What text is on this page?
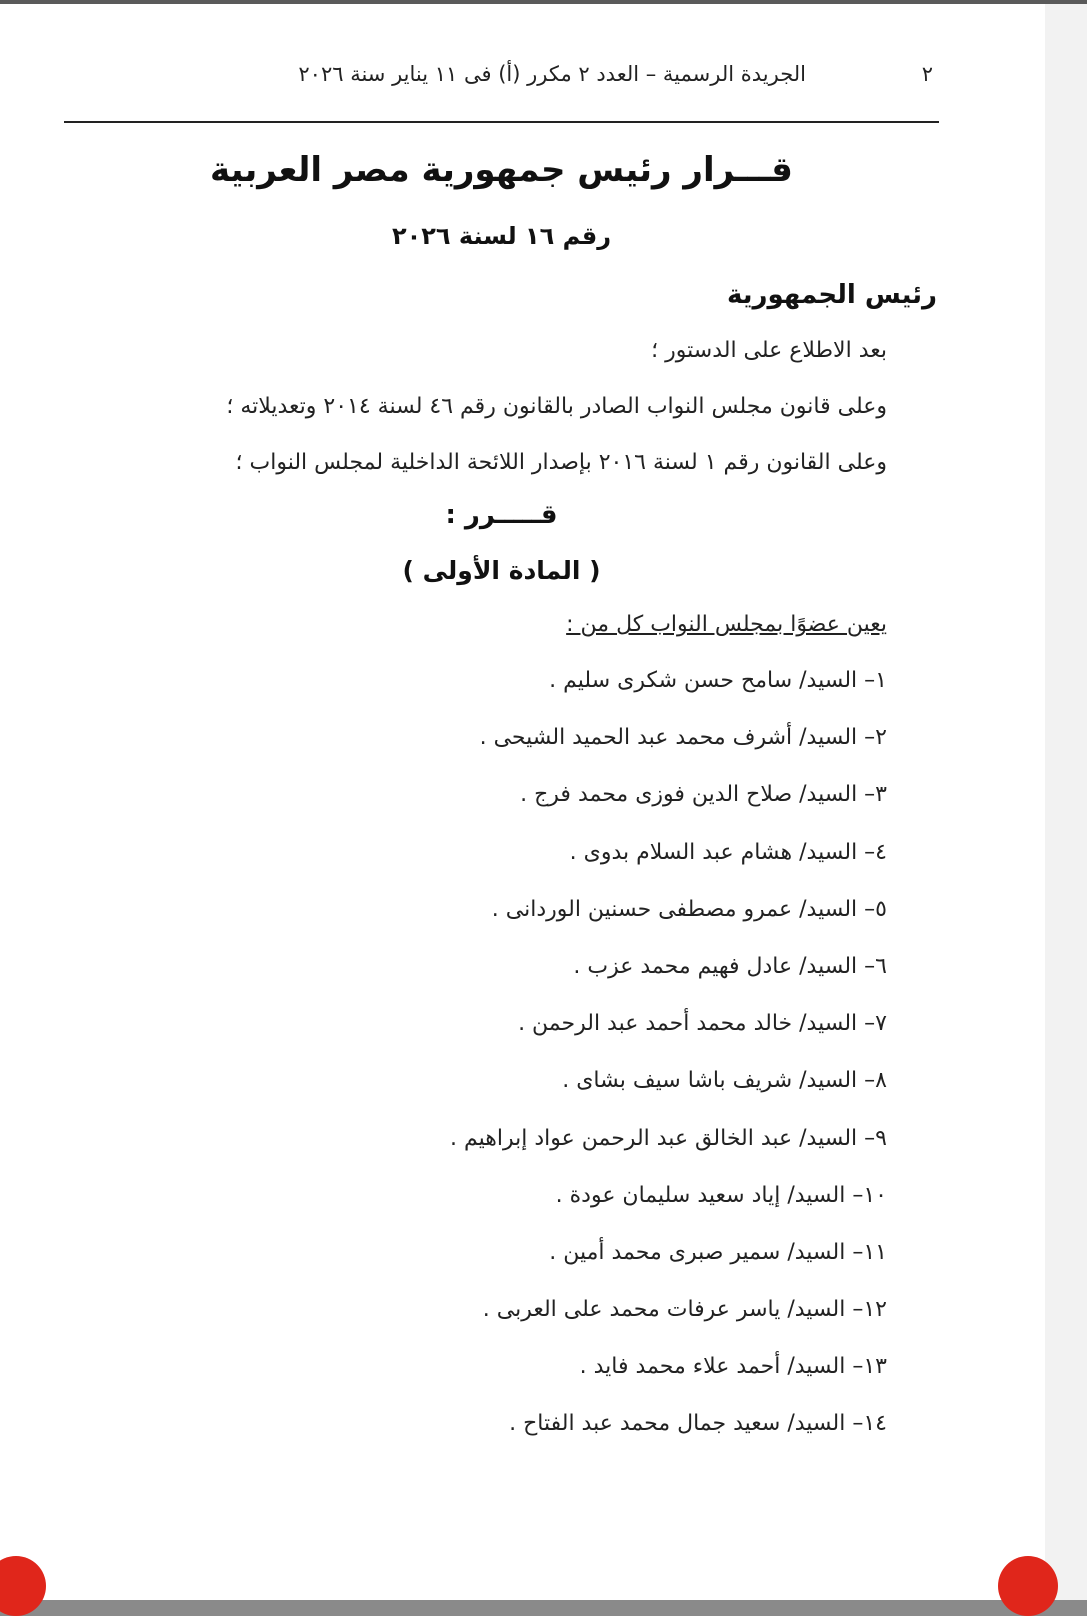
٢
الجريدة الرسمية – العدد ٢ مكرر (أ) فى ١١ يناير سنة ٢٠٢٦
قـــرار رئيس جمهورية مصر العربية
رقم ١٦ لسنة ٢٠٢٦
رئيس الجمهورية
بعد الاطلاع على الدستور ؛
وعلى قانون مجلس النواب الصادر بالقانون رقم ٤٦ لسنة ٢٠١٤ وتعديلاته ؛
وعلى القانون رقم ١ لسنة ٢٠١٦ بإصدار اللائحة الداخلية لمجلس النواب ؛
قـــــرر :
( المادة الأولى )
يعين عضوًا بمجلس النواب كل من :
١– السيد/ سامح حسن شكرى سليم .
٢– السيد/ أشرف محمد عبد الحميد الشيحى .
٣– السيد/ صلاح الدين فوزى محمد فرج .
٤– السيد/ هشام عبد السلام بدوى .
٥– السيد/ عمرو مصطفى حسنين الوردانى .
٦– السيد/ عادل فهيم محمد عزب .
٧– السيد/ خالد محمد أحمد عبد الرحمن .
٨– السيد/ شريف باشا سيف بشاى .
٩– السيد/ عبد الخالق عبد الرحمن عواد إبراهيم .
١٠– السيد/ إياد سعيد سليمان عودة .
١١– السيد/ سمير صبرى محمد أمين .
١٢– السيد/ ياسر عرفات محمد على العربى .
١٣– السيد/ أحمد علاء محمد فايد .
١٤– السيد/ سعيد جمال محمد عبد الفتاح .
